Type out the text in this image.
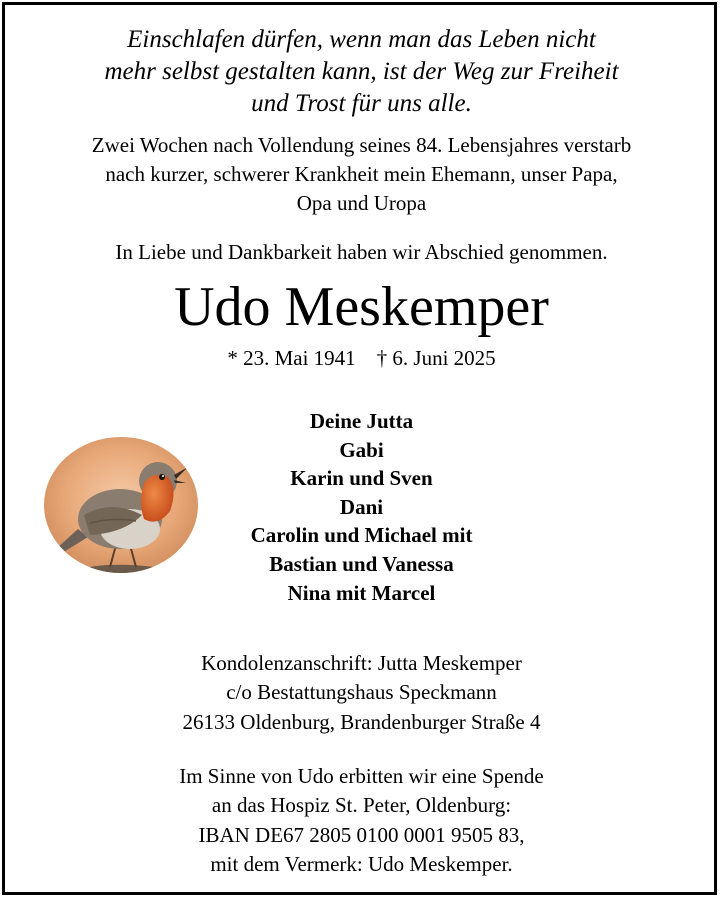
Einschlafen dürfen, wenn man das Leben nicht
mehr selbst gestalten kann, ist der Weg zur Freiheit
und Trost für uns alle.
Zwei Wochen nach Vollendung seines 84. Lebensjahres verstarb
nach kurzer, schwerer Krankheit mein Ehemann, unser Papa,
Opa und Uropa
In Liebe und Dankbarkeit haben wir Abschied genommen.
Udo Meskemper
* 23. Mai 1941    † 6. Juni 2025
Deine Jutta
Gabi
Karin und Sven
Dani
Carolin und Michael mit
Bastian und Vanessa
Nina mit Marcel
Kondolenzanschrift: Jutta Meskemper
c/o Bestattungshaus Speckmann
26133 Oldenburg, Brandenburger Straße 4
Im Sinne von Udo erbitten wir eine Spende
an das Hospiz St. Peter, Oldenburg:
IBAN DE67 2805 0100 0001 9505 83,
mit dem Vermerk: Udo Meskemper.
